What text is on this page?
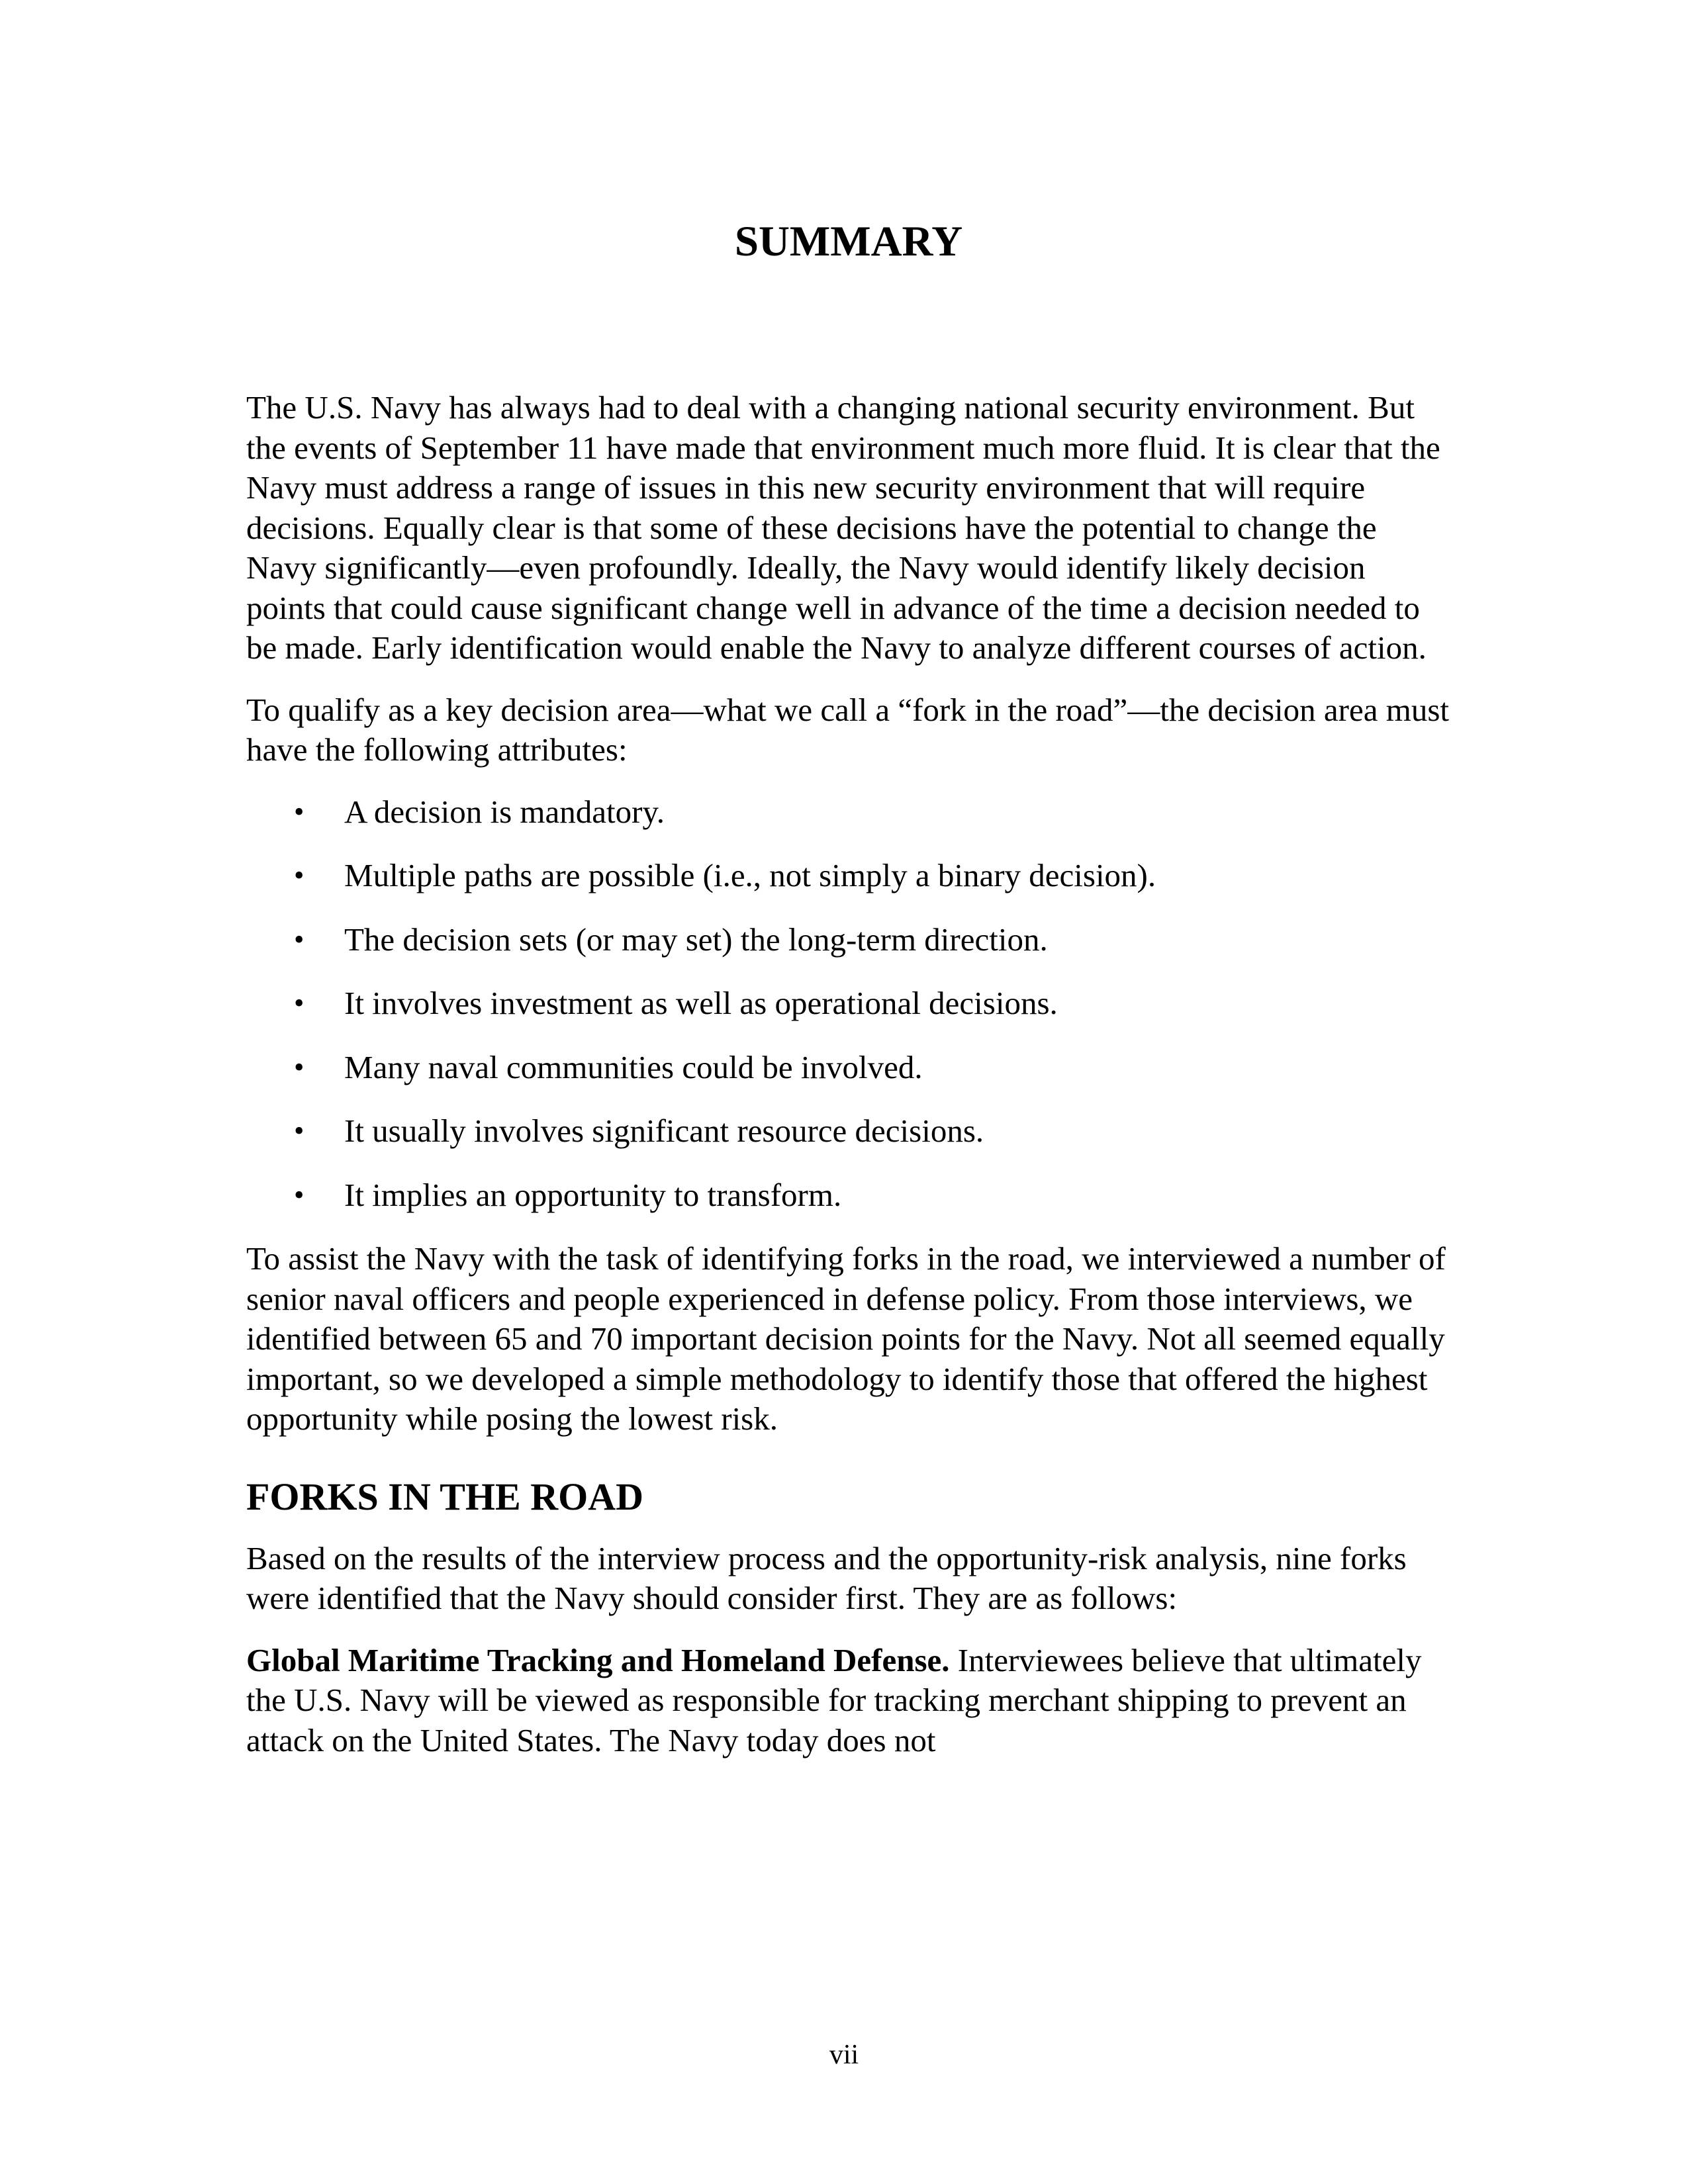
SUMMARY

The U.S. Navy has always had to deal with a changing national security environment. But the events of September 11 have made that environment much more fluid. It is clear that the Navy must address a range of issues in this new security environment that will require decisions. Equally clear is that some of these decisions have the potential to change the Navy significantly—even profoundly. Ideally, the Navy would identify likely decision points that could cause significant change well in advance of the time a decision needed to be made. Early identification would enable the Navy to analyze different courses of action.

To qualify as a key decision area—what we call a “fork in the road”—the decision area must have the following attributes:

• A decision is mandatory.
• Multiple paths are possible (i.e., not simply a binary decision).
• The decision sets (or may set) the long-term direction.
• It involves investment as well as operational decisions.
• Many naval communities could be involved.
• It usually involves significant resource decisions.
• It implies an opportunity to transform.

To assist the Navy with the task of identifying forks in the road, we interviewed a number of senior naval officers and people experienced in defense policy. From those interviews, we identified between 65 and 70 important decision points for the Navy. Not all seemed equally important, so we developed a simple methodology to identify those that offered the highest opportunity while posing the lowest risk.

FORKS IN THE ROAD

Based on the results of the interview process and the opportunity-risk analysis, nine forks were identified that the Navy should consider first. They are as follows:

Global Maritime Tracking and Homeland Defense. Interviewees believe that ultimately the U.S. Navy will be viewed as responsible for tracking merchant shipping to prevent an attack on the United States. The Navy today does not

vii
